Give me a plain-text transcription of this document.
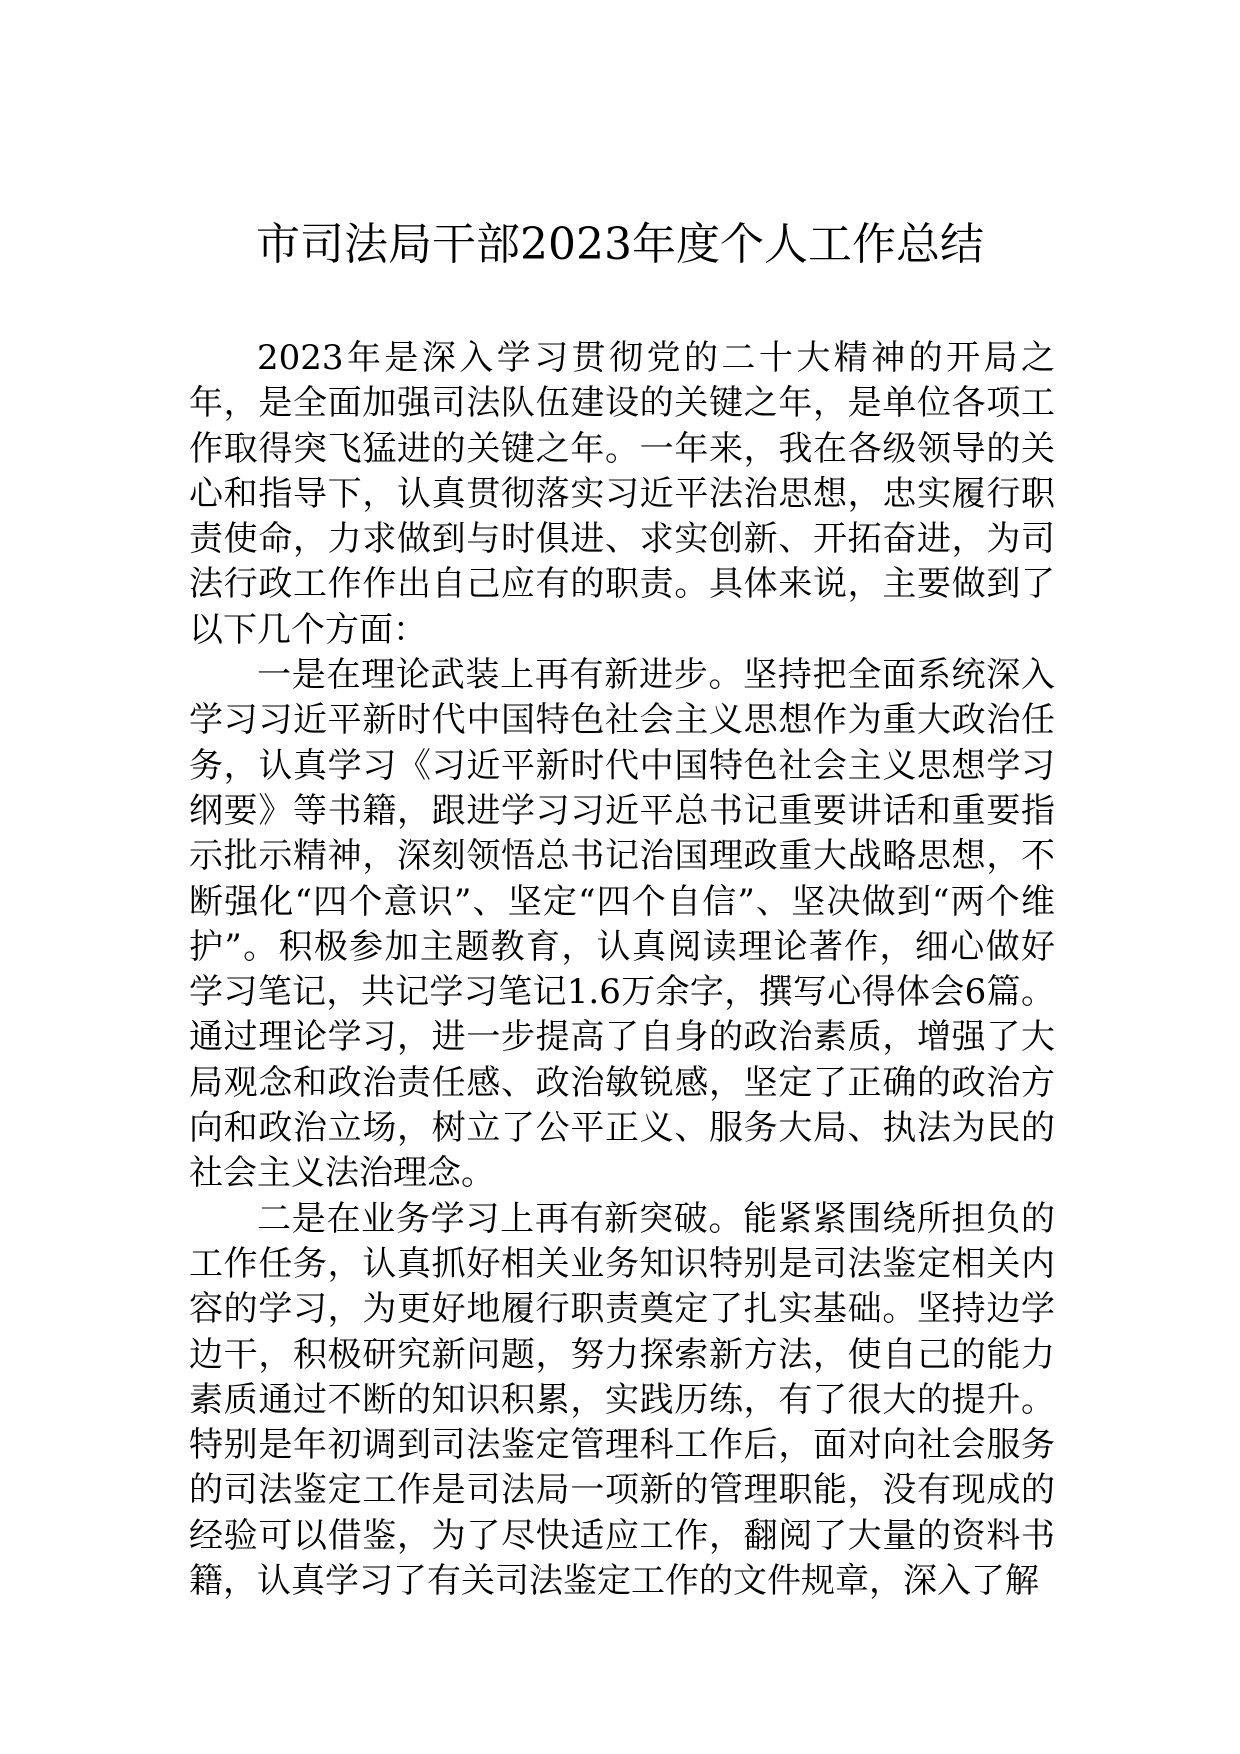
市司法局干部2023年度个人工作总结

2023年是深入学习贯彻党的二十大精神的开局之年，是全面加强司法队伍建设的关键之年，是单位各项工作取得突飞猛进的关键之年。一年来，我在各级领导的关心和指导下，认真贯彻落实习近平法治思想，忠实履行职责使命，力求做到与时俱进、求实创新、开拓奋进，为司法行政工作作出自己应有的职责。具体来说，主要做到了以下几个方面：

一是在理论武装上再有新进步。坚持把全面系统深入学习习近平新时代中国特色社会主义思想作为重大政治任务，认真学习《习近平新时代中国特色社会主义思想学习纲要》等书籍，跟进学习习近平总书记重要讲话和重要指示批示精神，深刻领悟总书记治国理政重大战略思想，不断强化“四个意识”、坚定“四个自信”、坚决做到“两个维护”。积极参加主题教育，认真阅读理论著作，细心做好学习笔记，共记学习笔记1.6万余字，撰写心得体会6篇。通过理论学习，进一步提高了自身的政治素质，增强了大局观念和政治责任感、政治敏锐感，坚定了正确的政治方向和政治立场，树立了公平正义、服务大局、执法为民的社会主义法治理念。

二是在业务学习上再有新突破。能紧紧围绕所担负的工作任务，认真抓好相关业务知识特别是司法鉴定相关内容的学习，为更好地履行职责奠定了扎实基础。坚持边学边干，积极研究新问题，努力探索新方法，使自己的能力素质通过不断的知识积累，实践历练，有了很大的提升。特别是年初调到司法鉴定管理科工作后，面对向社会服务的司法鉴定工作是司法局一项新的管理职能，没有现成的经验可以借鉴，为了尽快适应工作，翻阅了大量的资料书籍，认真学习了有关司法鉴定工作的文件规章，深入了解
